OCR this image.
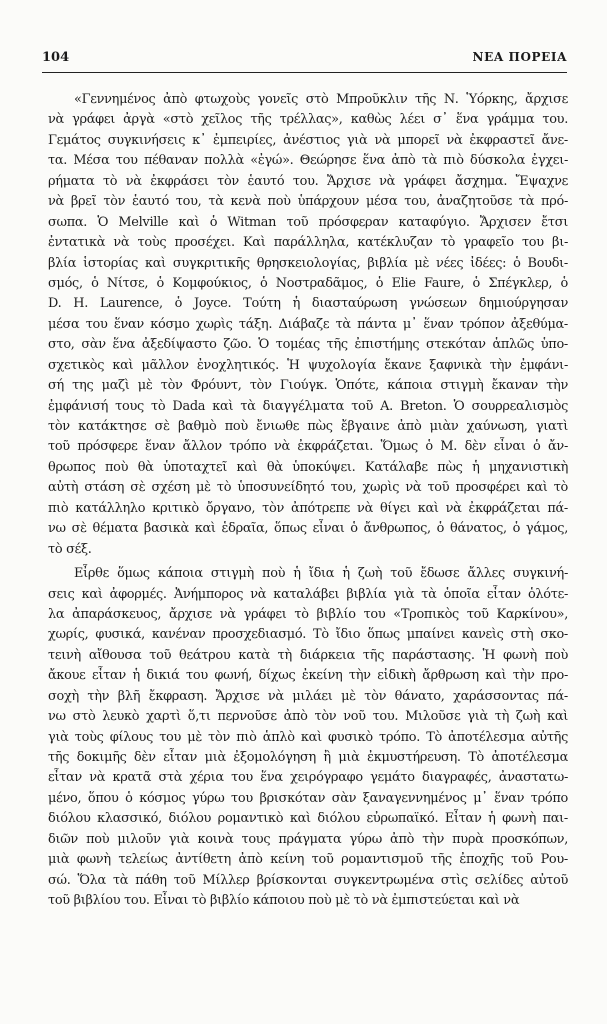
104	ΝΕΑ ΠΟΡΕΙΑ
«Γεννημένος ἀπὸ φτωχοὺς γονεῖς στὸ Μπροῦκλιν τῆς Ν. Ὑόρκης, ἄρχισε
νὰ γράφει ἀργὰ «στὸ χεῖλος τῆς τρέλλας», καθὼς λέει σ᾽ ἕνα γράμμα του.
Γεμάτος συγκινήσεις κ᾽ ἐμπειρίες, ἀνέστιος γιὰ νὰ μπορεῖ νὰ ἐκφραστεῖ ἄνε-
τα. Μέσα του πέθαναν πολλὰ «ἐγώ». Θεώρησε ἕνα ἀπὸ τὰ πιὸ δύσκολα ἐγχει-
ρήματα τὸ νὰ ἐκφράσει τὸν ἑαυτό του. Ἄρχισε νὰ γράφει ἄσχημα. Ἔψαχνε
νὰ βρεῖ τὸν ἑαυτό του, τὰ κενὰ ποὺ ὑπάρχουν μέσα του, ἀναζητοῦσε τὰ πρό-
σωπα. Ὁ Melville καὶ ὁ Witman τοῦ πρόσφεραν καταφύγιο. Ἄρχισεν ἔτσι
ἐντατικὰ νὰ τοὺς προσέχει. Καὶ παράλληλα, κατέκλυζαν τὸ γραφεῖο του βι-
βλία ἱστορίας καὶ συγκριτικῆς θρησκειολογίας, βιβλία μὲ νέες ἰδέες: ὁ Βουδι-
σμός, ὁ Νίτσε, ὁ Κομφούκιος, ὁ Νοστραδᾶμος, ὁ Elie Faure, ὁ Σπέγκλερ, ὁ
D. H. Laurence, ὁ Joyce. Τούτη ἡ διασταύρωση γνώσεων δημιούργησαν
μέσα του ἕναν κόσμο χωρὶς τάξη. Διάβαζε τὰ πάντα μ᾽ ἕναν τρόπον ἀξεθύμα-
στο, σὰν ἕνα ἀξεδίψαστο ζῶο. Ὁ τομέας τῆς ἐπιστήμης στεκόταν ἁπλῶς ὑπο-
σχετικὸς καὶ μᾶλλον ἐνοχλητικός. Ἡ ψυχολογία ἔκανε ξαφνικὰ τὴν ἐμφάνι-
σή της μαζὶ μὲ τὸν Φρόυντ, τὸν Γιούγκ. Ὁπότε, κάποια στιγμὴ ἔκαναν τὴν
ἐμφάνισή τους τὸ Dada καὶ τὰ διαγγέλματα τοῦ A. Breton. Ὁ σουρρεαλισμὸς
τὸν κατάκτησε σὲ βαθμὸ ποὺ ἔνιωθε πὼς ἔβγαινε ἀπὸ μιὰν χαύνωση, γιατὶ
τοῦ πρόσφερε ἕναν ἄλλον τρόπο νὰ ἐκφράζεται. Ὅμως ὁ Μ. δὲν εἶναι ὁ ἄν-
θρωπος ποὺ θὰ ὑποταχτεῖ καὶ θὰ ὑποκύψει. Κατάλαβε πὼς ἡ μηχανιστικὴ
αὐτὴ στάση σὲ σχέση μὲ τὸ ὑποσυνείδητό του, χωρὶς νὰ τοῦ προσφέρει καὶ τὸ
πιὸ κατάλληλο κριτικὸ ὄργανο, τὸν ἀπότρεπε νὰ θίγει καὶ νὰ ἐκφράζεται πά-
νω σὲ θέματα βασικὰ καὶ ἑδραῖα, ὅπως εἶναι ὁ ἄνθρωπος, ὁ θάνατος, ὁ γάμος,
τὸ σέξ.
Εἶρθε ὅμως κάποια στιγμὴ ποὺ ἡ ἴδια ἡ ζωὴ τοῦ ἔδωσε ἄλλες συγκινή-
σεις καὶ ἀφορμές. Ἀνήμπορος νὰ καταλάβει βιβλία γιὰ τὰ ὁποῖα εἶταν ὁλότε-
λα ἀπαράσκευος, ἄρχισε νὰ γράφει τὸ βιβλίο του «Τροπικὸς τοῦ Καρκίνου»,
χωρίς, φυσικά, κανέναν προσχεδιασμό. Τὸ ἴδιο ὅπως μπαίνει κανεὶς στὴ σκο-
τεινὴ αἴθουσα τοῦ θεάτρου κατὰ τὴ διάρκεια τῆς παράστασης. Ἡ φωνὴ ποὺ
ἄκουε εἶταν ἡ δικιά του φωνή, δίχως ἐκείνη τὴν εἰδικὴ ἄρθρωση καὶ τὴν προ-
σοχὴ τὴν βλῆ ἔκφραση. Ἄρχισε νὰ μιλάει μὲ τὸν θάνατο, χαράσσοντας πά-
νω στὸ λευκὸ χαρτὶ ὅ,τι περνοῦσε ἀπὸ τὸν νοῦ του. Μιλοῦσε γιὰ τὴ ζωὴ καὶ
γιὰ τοὺς φίλους του μὲ τὸν πιὸ ἁπλὸ καὶ φυσικὸ τρόπο. Τὸ ἀποτέλεσμα αὐτῆς
τῆς δοκιμῆς δὲν εἶταν μιὰ ἐξομολόγηση ἢ μιὰ ἐκμυστήρευση. Τὸ ἀποτέλεσμα
εἶταν νὰ κρατᾶ στὰ χέρια του ἕνα χειρόγραφο γεμάτο διαγραφές, ἀναστατω-
μένο, ὅπου ὁ κόσμος γύρω του βρισκόταν σὰν ξαναγεννημένος μ᾽ ἕναν τρόπο
διόλου κλασσικό, διόλου ρομαντικὸ καὶ διόλου εὐρωπαϊκό. Εἶταν ἡ φωνὴ παι-
διῶν ποὺ μιλοῦν γιὰ κοινὰ τους πράγματα γύρω ἀπὸ τὴν πυρὰ προσκόπων,
μιὰ φωνὴ τελείως ἀντίθετη ἀπὸ κείνη τοῦ ρομαντισμοῦ τῆς ἐποχῆς τοῦ Ρου-
σώ. Ὅλα τὰ πάθη τοῦ Μίλλερ βρίσκονται συγκεντρωμένα στὶς σελίδες αὐτοῦ
τοῦ βιβλίου του. Εἶναι τὸ βιβλίο κάποιου ποὺ μὲ τὸ νὰ ἐμπιστεύεται καὶ νὰ
